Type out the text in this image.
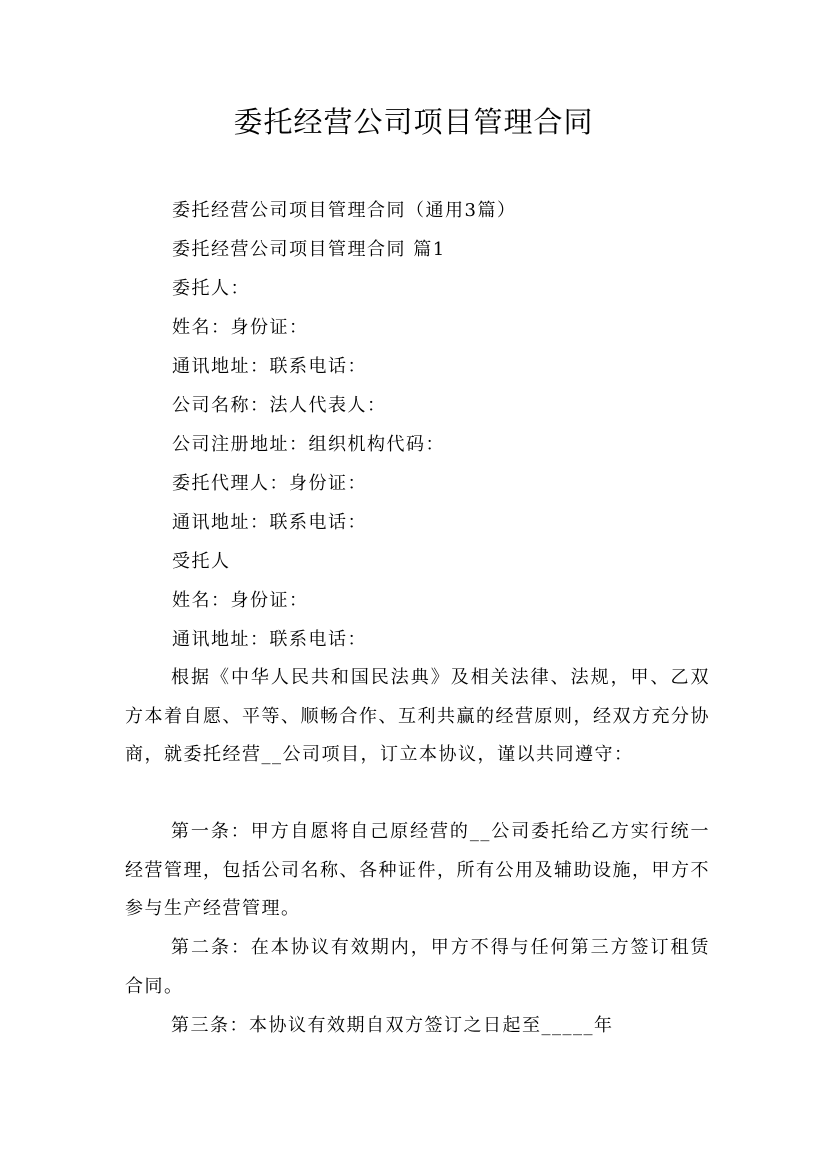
委托经营公司项目管理合同
委托经营公司项目管理合同（通用3篇）
委托经营公司项目管理合同 篇1
委托人：
姓名：身份证：
通讯地址：联系电话：
公司名称：法人代表人：
公司注册地址：组织机构代码：
委托代理人：身份证：
通讯地址：联系电话：
受托人
姓名：身份证：
通讯地址：联系电话：

根据《中华人民共和国民法典》及相关法律、法规，甲、乙双方本着自愿、平等、顺畅合作、互利共赢的经营原则，经双方充分协商，就委托经营__公司项目，订立本协议，谨以共同遵守：

第一条：甲方自愿将自己原经营的__公司委托给乙方实行统一经营管理，包括公司名称、各种证件，所有公用及辅助设施，甲方不参与生产经营管理。

第二条：在本协议有效期内，甲方不得与任何第三方签订租赁合同。

第三条：本协议有效期自双方签订之日起至_____年
